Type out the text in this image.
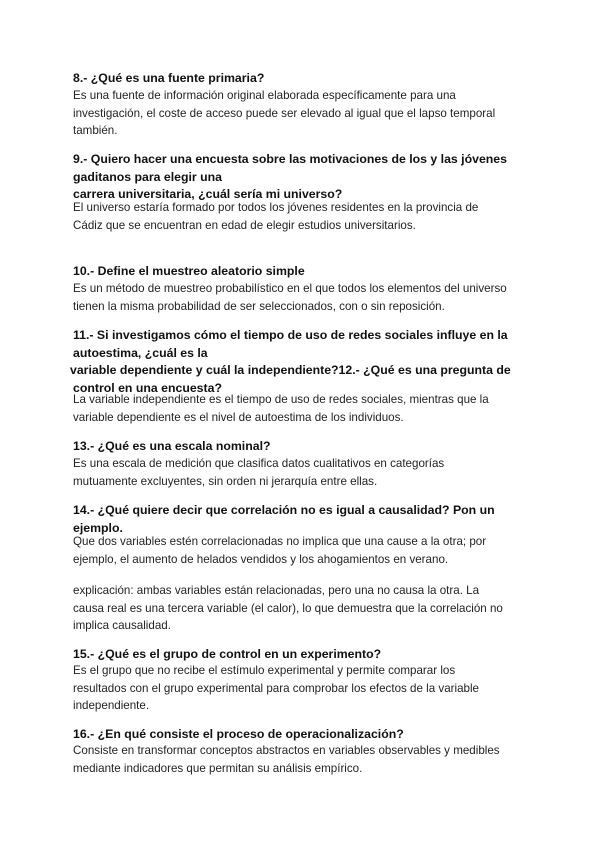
8.- ¿Qué es una fuente primaria?
Es una fuente de información original elaborada específicamente para una
investigación, el coste de acceso puede ser elevado al igual que el lapso temporal
también.
9.- Quiero hacer una encuesta sobre las motivaciones de los y las jóvenes
gaditanos para elegir una
carrera universitaria, ¿cuál sería mi universo?
El universo estaría formado por todos los jóvenes residentes en la provincia de
Cádiz que se encuentran en edad de elegir estudios universitarios.
10.- Define el muestreo aleatorio simple
Es un método de muestreo probabilístico en el que todos los elementos del universo
tienen la misma probabilidad de ser seleccionados, con o sin reposición.
11.- Si investigamos cómo el tiempo de uso de redes sociales influye en la
autoestima, ¿cuál es la
variable dependiente y cuál la independiente?12.- ¿Qué es una pregunta de
control en una encuesta?
La variable independiente es el tiempo de uso de redes sociales, mientras que la
variable dependiente es el nivel de autoestima de los individuos.
13.- ¿Qué es una escala nominal?
Es una escala de medición que clasifica datos cualitativos en categorías
mutuamente excluyentes, sin orden ni jerarquía entre ellas.
14.- ¿Qué quiere decir que correlación no es igual a causalidad? Pon un
ejemplo.
Que dos variables estén correlacionadas no implica que una cause a la otra; por
ejemplo, el aumento de helados vendidos y los ahogamientos en verano.
explicación: ambas variables están relacionadas, pero una no causa la otra. La
causa real es una tercera variable (el calor), lo que demuestra que la correlación no
implica causalidad.
15.- ¿Qué es el grupo de control en un experimento?
Es el grupo que no recibe el estímulo experimental y permite comparar los
resultados con el grupo experimental para comprobar los efectos de la variable
independiente.
16.- ¿En qué consiste el proceso de operacionalización?
Consiste en transformar conceptos abstractos en variables observables y medibles
mediante indicadores que permitan su análisis empírico.
